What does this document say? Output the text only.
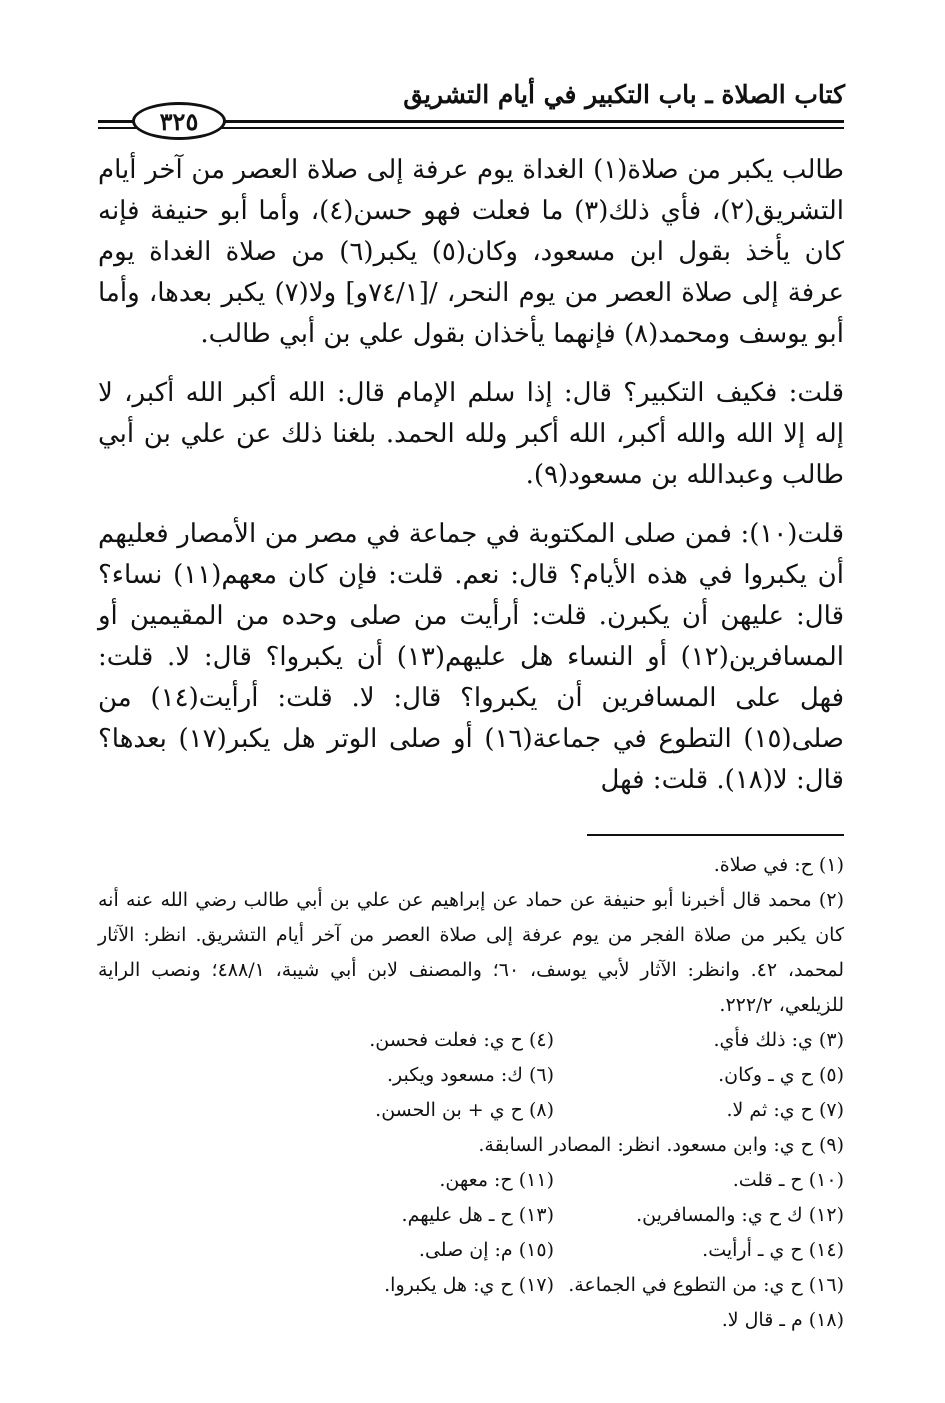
كتاب الصلاة ـ باب التكبير في أيام التشريق
٣٢٥

طالب يكبر من صلاة(١) الغداة يوم عرفة إلى صلاة العصر من آخر أيام التشريق(٢)، فأي ذلك(٣) ما فعلت فهو حسن(٤)، وأما أبو حنيفة فإنه كان يأخذ بقول ابن مسعود، وكان(٥) يكبر(٦) من صلاة الغداة يوم عرفة إلى صلاة العصر من يوم النحر، /[٧٤/١و] ولا(٧) يكبر بعدها، وأما أبو يوسف ومحمد(٨) فإنهما يأخذان بقول علي بن أبي طالب.

قلت: فكيف التكبير؟ قال: إذا سلم الإمام قال: الله أكبر الله أكبر، لا إله إلا الله والله أكبر، الله أكبر ولله الحمد. بلغنا ذلك عن علي بن أبي طالب وعبدالله بن مسعود(٩).

قلت(١٠): فمن صلى المكتوبة في جماعة في مصر من الأمصار فعليهم أن يكبروا في هذه الأيام؟ قال: نعم. قلت: فإن كان معهم(١١) نساء؟ قال: عليهن أن يكبرن. قلت: أرأيت من صلى وحده من المقيمين أو المسافرين(١٢) أو النساء هل عليهم(١٣) أن يكبروا؟ قال: لا. قلت: فهل على المسافرين أن يكبروا؟ قال: لا. قلت: أرأيت(١٤) من صلى(١٥) التطوع في جماعة(١٦) أو صلى الوتر هل يكبر(١٧) بعدها؟ قال: لا(١٨). قلت: فهل

(١) ح: في صلاة.

(٢) محمد قال أخبرنا أبو حنيفة عن حماد عن إبراهيم عن علي بن أبي طالب رضي الله عنه أنه كان يكبر من صلاة الفجر من يوم عرفة إلى صلاة العصر من آخر أيام التشريق. انظر: الآثار لمحمد، ٤٢. وانظر: الآثار لأبي يوسف، ٦٠؛ والمصنف لابن أبي شيبة، ٤٨٨/١؛ ونصب الراية للزيلعي، ٢٢٢/٢.

(٣) ي: ذلك فأي.

(٤) ح ي: فعلت فحسن.

(٥) ح ي ـ وكان.

(٦) ك: مسعود ويكبر.

(٧) ح ي: ثم لا.

(٨) ح ي + بن الحسن.

(٩) ح ي: وابن مسعود. انظر: المصادر السابقة.

(١٠) ح ـ قلت.

(١١) ح: معهن.

(١٢) ك ح ي: والمسافرين.

(١٣) ح ـ هل عليهم.

(١٤) ح ي ـ أرأيت.

(١٥) م: إن صلى.

(١٦) ح ي: من التطوع في الجماعة.

(١٧) ح ي: هل يكبروا.

(١٨) م ـ قال لا.
